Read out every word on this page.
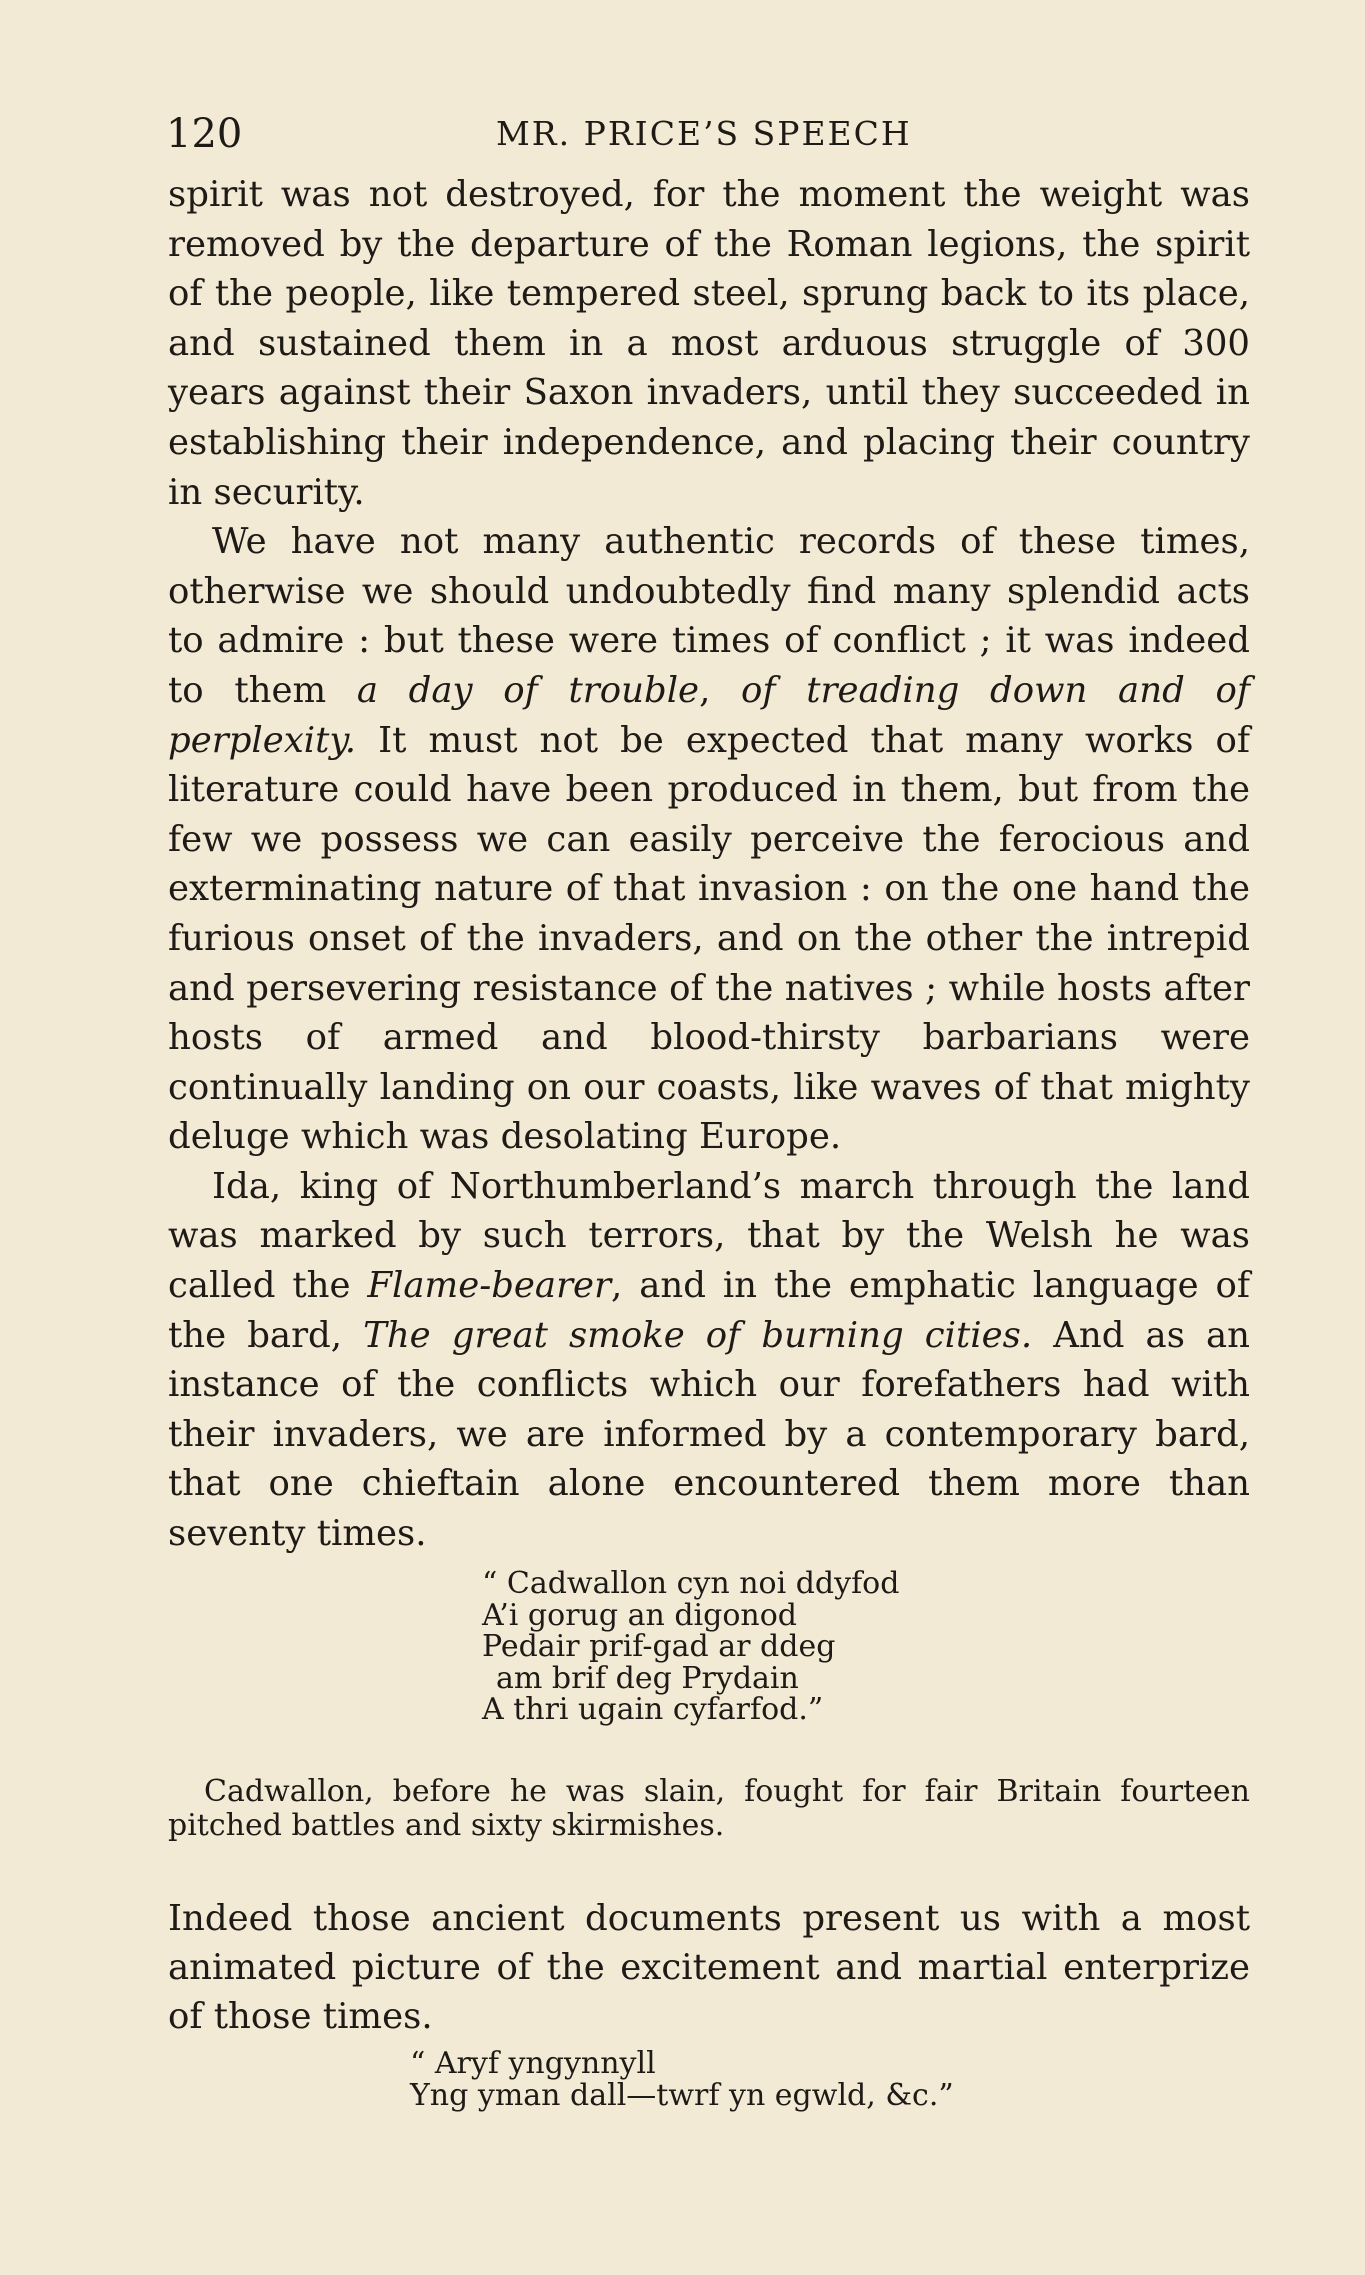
120	MR. PRICE’S SPEECH

spirit was not destroyed, for the moment the weight was removed by the departure of the Roman legions, the spirit of the people, like tempered steel, sprung back to its place, and sustained them in a most arduous struggle of 300 years against their Saxon invaders, until they succeeded in establishing their independence, and placing their country in security.

We have not many authentic records of these times, otherwise we should undoubtedly find many splendid acts to admire : but these were times of conflict ; it was indeed to them a day of trouble, of treading down and of perplexity. It must not be expected that many works of literature could have been produced in them, but from the few we possess we can easily perceive the ferocious and exterminating nature of that invasion : on the one hand the furious onset of the invaders, and on the other the intrepid and persevering resistance of the natives ; while hosts after hosts of armed and blood-thirsty barbarians were continually landing on our coasts, like waves of that mighty deluge which was desolating Europe.

Ida, king of Northumberland’s march through the land was marked by such terrors, that by the Welsh he was called the Flame-bearer, and in the emphatic language of the bard, The great smoke of burning cities. And as an instance of the conflicts which our forefathers had with their invaders, we are informed by a contemporary bard, that one chieftain alone encountered them more than seventy times.

“ Cadwallon cyn noi ddyfod
A’i gorug an digonod
Pedair prif-gad ar ddeg
am brif deg Prydain
A thri ugain cyfarfod.”
Cadwallon, before he was slain, fought for fair Britain fourteen pitched battles and sixty skirmishes.

Indeed those ancient documents present us with a most animated picture of the excitement and martial enterprize of those times.

“ Aryf yngynnyll
Yng yman dall—twrf yn egwld, &c.”
